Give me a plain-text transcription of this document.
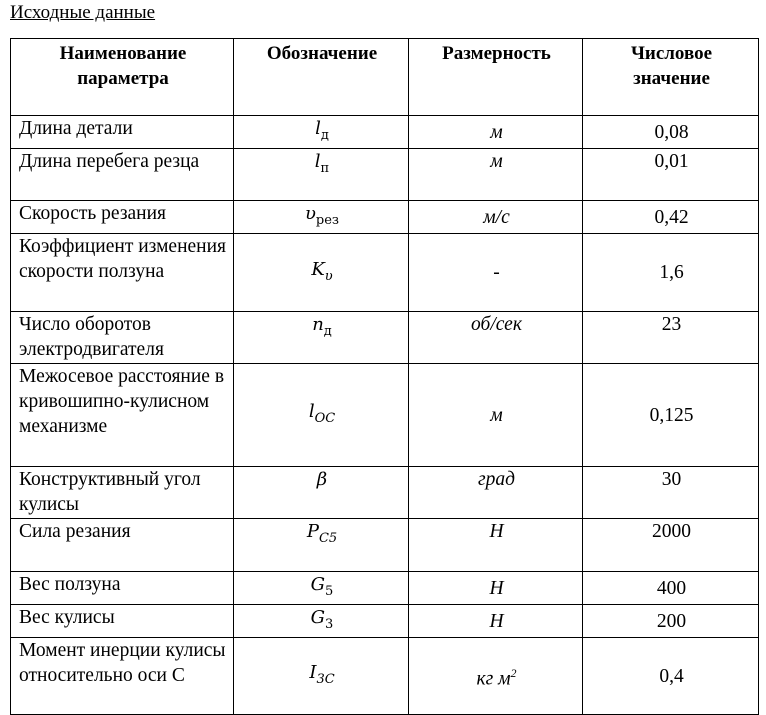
Исходные данные
Наименование параметра	Обозначение	Размерность	Числовое значение
Длина детали	$l_д$	м	0,08
Длина перебега резца	$l_п$	м	0,01
Скорость резания	$\upsilon_{рез}$	м/с	0,42
Коэффициент изменения скорости ползуна	$K_\upsilon$	-	1,6
Число оборотов электродвигателя	$n_д$	об/сек	23
Межосевое расстояние в кривошипно-кулисном механизме	$l_{OC}$	м	0,125
Конструктивный угол кулисы	β	град	30
Сила резания	$P_{C5}$	H	2000
Вес ползуна	$G_5$	H	400
Вес кулисы	$G_3$	H	200
Момент инерции кулисы относительно оси С	$I_{3C}$	кг $м^2$	0,4
